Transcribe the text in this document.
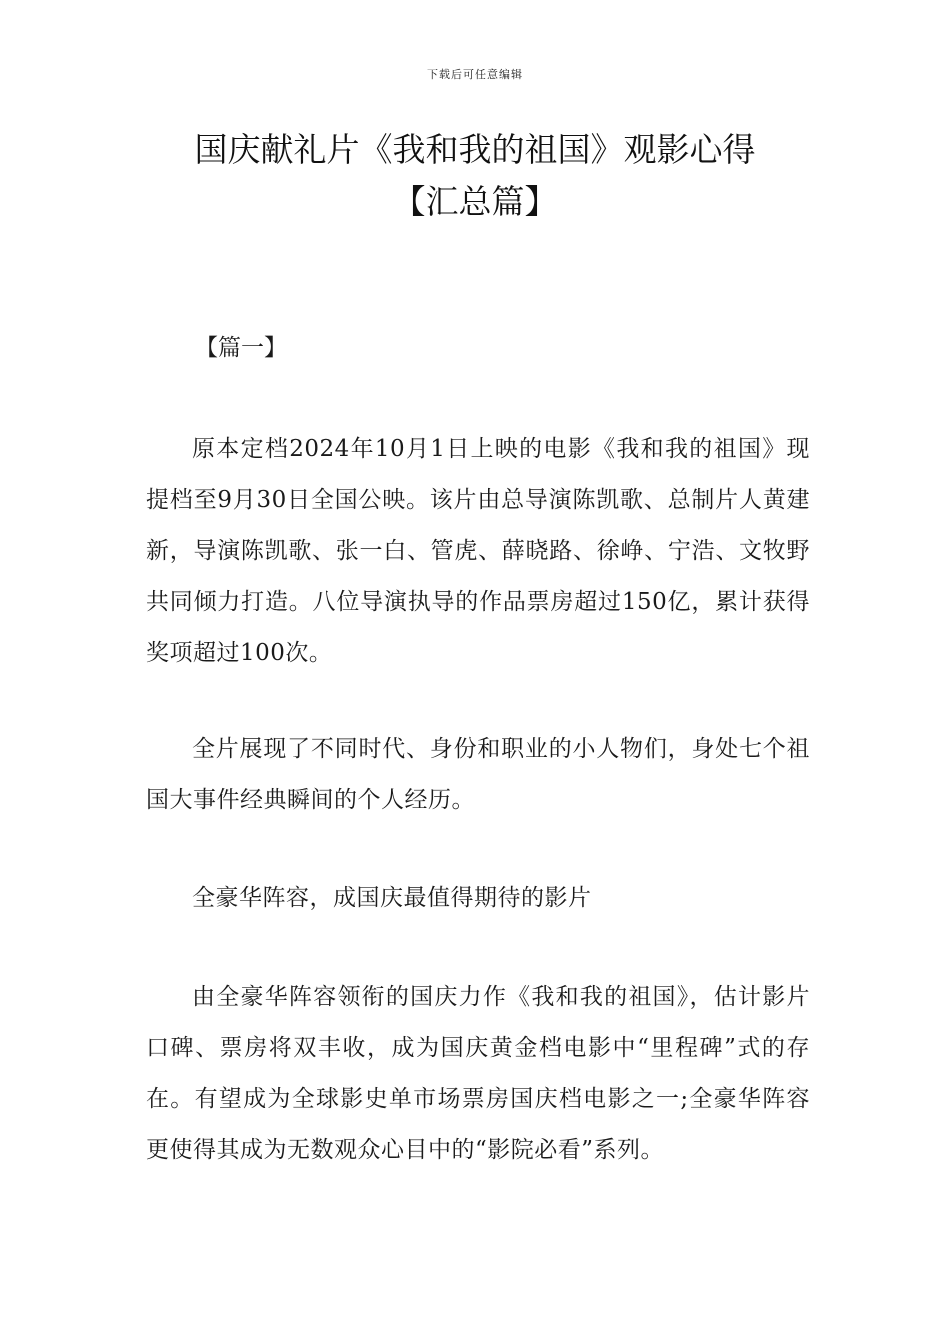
下载后可任意编辑
国庆献礼片《我和我的祖国》观影心得
【汇总篇】

【篇一】

原本定档2024年10月1日上映的电影《我和我的祖国》现提档至9月30日全国公映。该片由总导演陈凯歌、总制片人黄建新，导演陈凯歌、张一白、管虎、薛晓路、徐峥、宁浩、文牧野共同倾力打造。八位导演执导的作品票房超过150亿，累计获得奖项超过100次。

全片展现了不同时代、身份和职业的小人物们，身处七个祖国大事件经典瞬间的个人经历。

全豪华阵容，成国庆最值得期待的影片

由全豪华阵容领衔的国庆力作《我和我的祖国》，估计影片口碑、票房将双丰收，成为国庆黄金档电影中“里程碑”式的存在。有望成为全球影史单市场票房国庆档电影之一;全豪华阵容更使得其成为无数观众心目中的“影院必看”系列。
